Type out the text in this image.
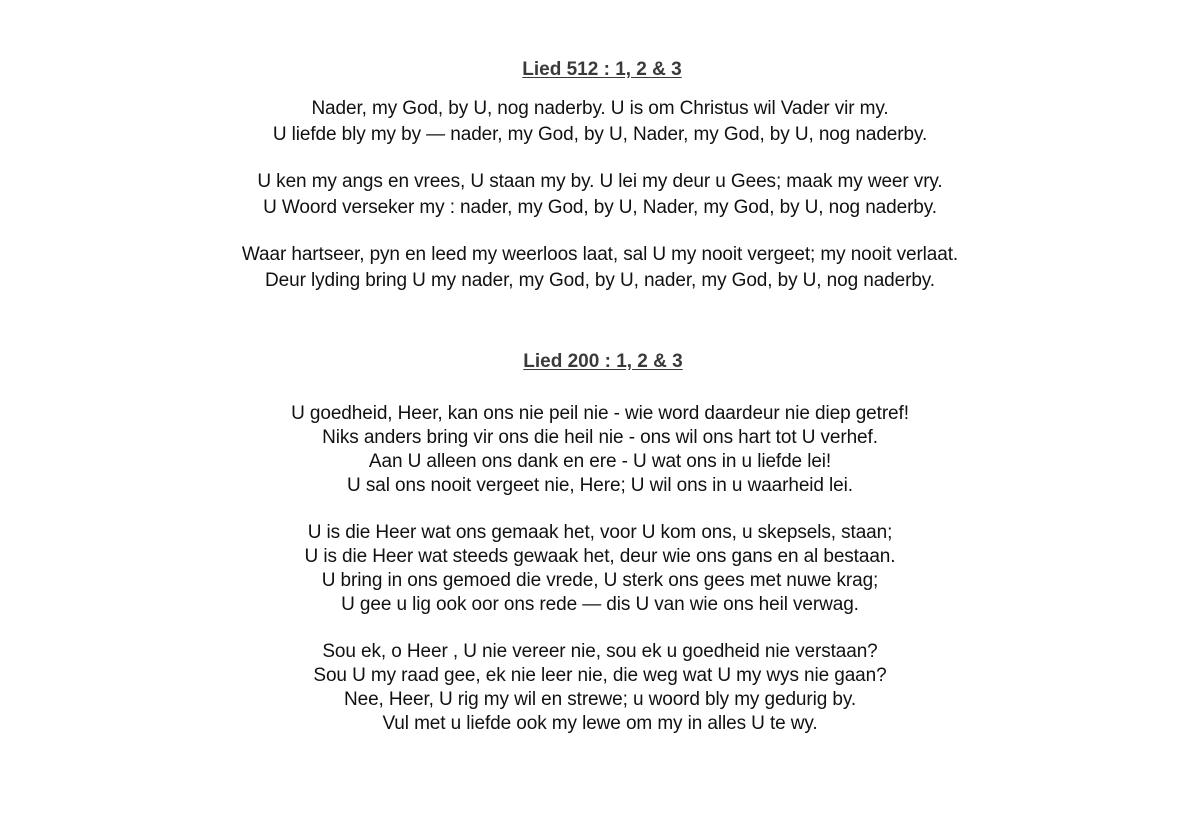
Lied 512 : 1, 2 & 3

Nader, my God, by U, nog naderby. U is om Christus wil Vader vir my.

U liefde bly my by — nader, my God, by U, Nader, my God, by U, nog naderby.

U ken my angs en vrees, U staan my by. U lei my deur u Gees; maak my weer vry.

U Woord verseker my : nader, my God, by U, Nader, my God, by U, nog naderby.

Waar hartseer, pyn en leed my weerloos laat, sal U my nooit vergeet; my nooit verlaat.

Deur lyding bring U my nader, my God, by U, nader, my God, by U, nog naderby.

Lied 200 : 1, 2 & 3

U goedheid, Heer, kan ons nie peil nie - wie word daardeur nie diep getref!

Niks anders bring vir ons die heil nie - ons wil ons hart tot U verhef.

Aan U alleen ons dank en ere - U wat ons in u liefde lei!

U sal ons nooit vergeet nie, Here; U wil ons in u waarheid lei.

U is die Heer wat ons gemaak het, voor U kom ons, u skepsels, staan;

U is die Heer wat steeds gewaak het, deur wie ons gans en al bestaan.

U bring in ons gemoed die vrede, U sterk ons gees met nuwe krag;

U gee u lig ook oor ons rede — dis U van wie ons heil verwag.

Sou ek, o Heer , U nie vereer nie, sou ek u goedheid nie verstaan?

Sou U my raad gee, ek nie leer nie, die weg wat U my wys nie gaan?

Nee, Heer, U rig my wil en strewe; u woord bly my gedurig by.

Vul met u liefde ook my lewe om my in alles U te wy.
